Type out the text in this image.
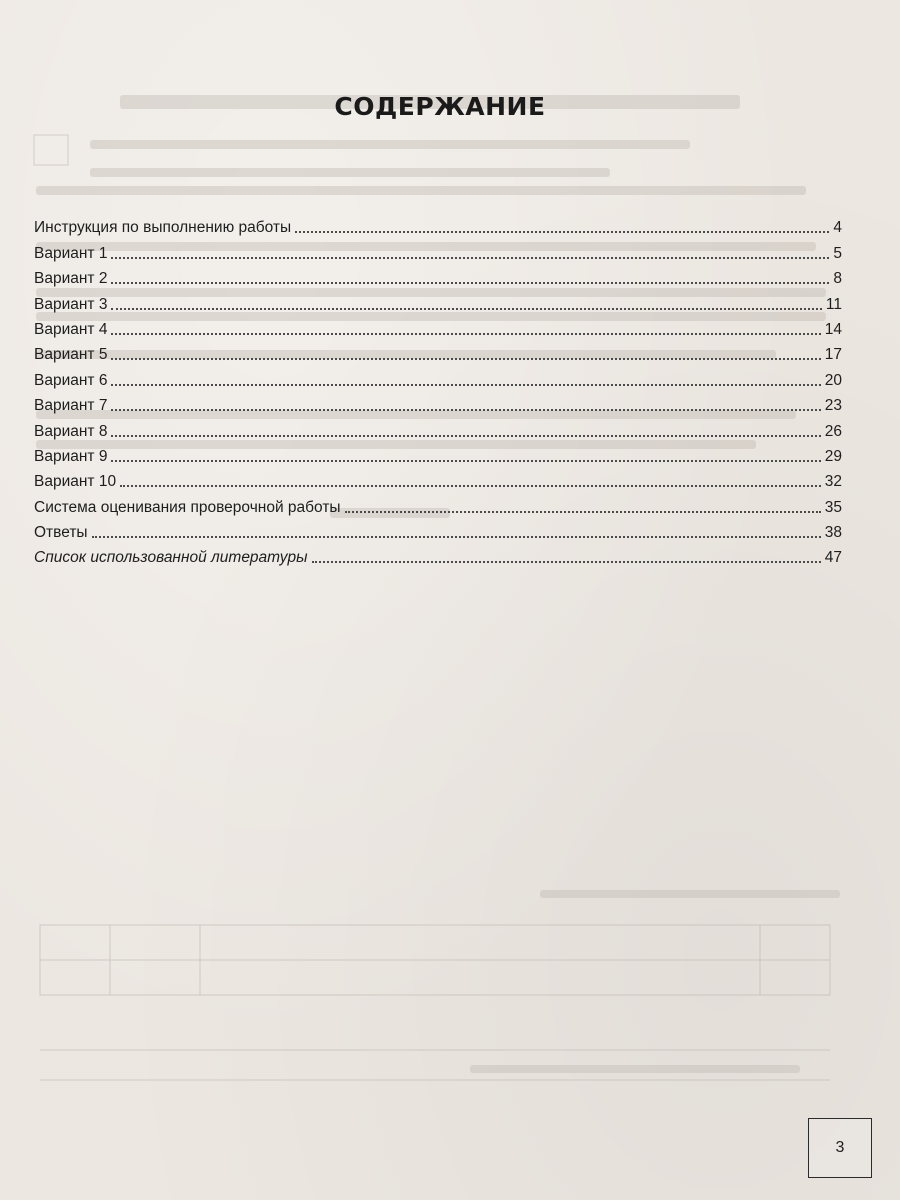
СОДЕРЖАНИЕ
Инструкция по выполнению работы	4
Вариант 1	5
Вариант 2	8
Вариант 3	11
Вариант 4	14
Вариант 5	17
Вариант 6	20
Вариант 7	23
Вариант 8	26
Вариант 9	29
Вариант 10	32
Система оценивания проверочной работы	35
Ответы	38
Список использованной литературы	47
3
